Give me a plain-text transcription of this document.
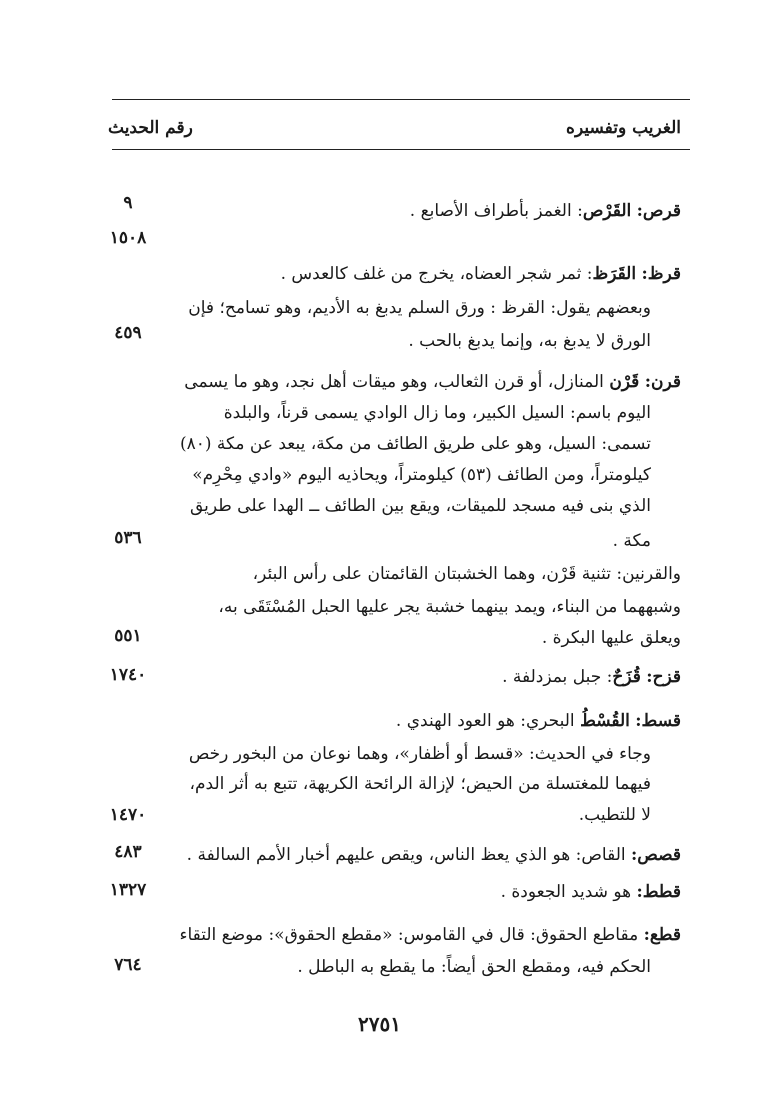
الغريب وتفسيره
رقم الحديث
قرص: القَرْص: الغمز بأطراف الأصابع .
٩
١٥٠٨
قرظ: القَرَظ: ثمر شجر العضاه، يخرج من غلف كالعدس .
وبعضهم يقول: القرظ : ورق السلم يدبغ به الأديم، وهو تسامح؛ فإن
الورق لا يدبغ به، وإنما يدبغ بالحب .
٤٥٩
قرن: قَرْن المنازل، أو قرن الثعالب، وهو ميقات أهل نجد، وهو ما يسمى
اليوم باسم: السيل الكبير، وما زال الوادي يسمى قرناً، والبلدة
تسمى: السيل، وهو على طريق الطائف من مكة، يبعد عن مكة (٨٠)
كيلومتراً، ومن الطائف (٥٣) كيلومتراً، ويحاذيه اليوم «وادي مِحْرِم»
الذي بنى فيه مسجد للميقات، ويقع بين الطائف ــ الهدا على طريق
مكة .
٥٣٦
والقرنين: تثنية قَرْن، وهما الخشبتان القائمتان على رأس البئر،
وشبههما من البناء، ويمد بينهما خشبة يجر عليها الحبل المُسْتَقَى به،
ويعلق عليها البكرة .
٥٥١
قزح: قُزَحٌ: جبل بمزدلفة .
١٧٤٠
قسط: القُسْطُ البحري: هو العود الهندي .
وجاء في الحديث: «قسط أو أظفار»، وهما نوعان من البخور رخص
فيهما للمغتسلة من الحيض؛ لإزالة الرائحة الكريهة، تتبع به أثر الدم،
لا للتطيب.
١٤٧٠
قصص: القاص: هو الذي يعظ الناس، ويقص عليهم أخبار الأمم السالفة .
٤٨٣
قطط: هو شديد الجعودة .
١٣٢٧
قطع: مقاطع الحقوق: قال في القاموس: «مقطع الحقوق»: موضع التقاء
الحكم فيه، ومقطع الحق أيضاً: ما يقطع به الباطل .
٧٦٤
٢٧٥١
